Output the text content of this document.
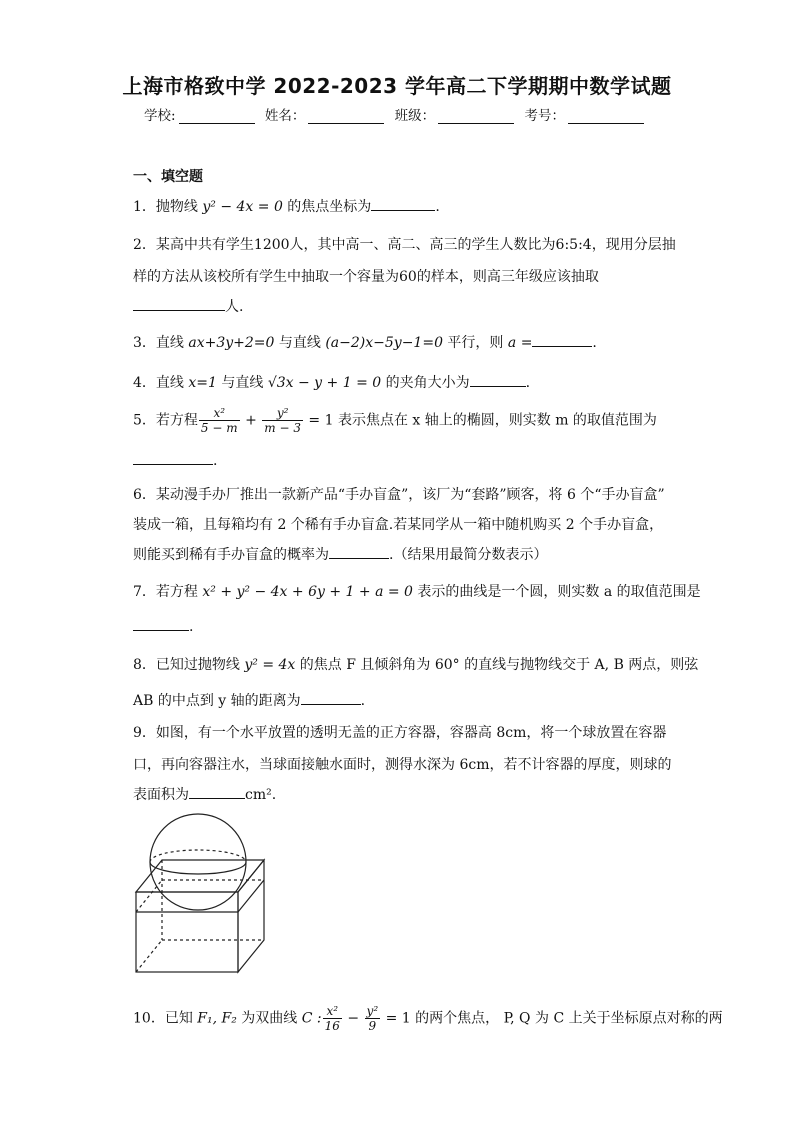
上海市格致中学 2022-2023 学年高二下学期期中数学试题
学校:	姓名：	班级：	考号：
一、填空题
1．抛物线 y² − 4x = 0 的焦点坐标为	.
2．某高中共有学生1200人，其中高一、高二、高三的学生人数比为6:5:4，现用分层抽
样的方法从该校所有学生中抽取一个容量为60的样本，则高三年级应该抽取
人.
3．直线 ax+3y+2=0 与直线 (a−2)x−5y−1=0 平行，则 a =	.
4．直线 x=1 与直线 √3x − y + 1 = 0 的夹角大小为	.
5．若方程 $\frac{\text{x²}}{5 - m} + \frac{\text{y²}}{m - 3} = 1$ 表示焦点在 x 轴上的椭圆，则实数 m 的取值范围为
.
6．某动漫手办厂推出一款新产品“手办盲盒”，该厂为“套路”顾客，将 6 个“手办盲盒”
装成一箱，且每箱均有 2 个稀有手办盲盒.若某同学从一箱中随机购买 2 个手办盲盒，
则能买到稀有手办盲盒的概率为	.（结果用最简分数表示）
7．若方程 x² + y² − 4x + 6y + 1 + a = 0 表示的曲线是一个圆，则实数 a 的取值范围是
.
8．已知过抛物线 y² = 4x 的焦点 F 且倾斜角为 60° 的直线与抛物线交于 A, B 两点，则弦
AB 的中点到 y 轴的距离为	.
9．如图，有一个水平放置的透明无盖的正方容器，容器高 8cm，将一个球放置在容器
口，再向容器注水，当球面接触水面时，测得水深为 6cm，若不计容器的厚度，则球的
表面积为	cm².
10．已知 F₁, F₂ 为双曲线 C : $\frac{\text{x²}}{16} - \frac{\text{y²}}{9} = 1$ 的两个焦点， P, Q 为 C 上关于坐标原点对称的两
